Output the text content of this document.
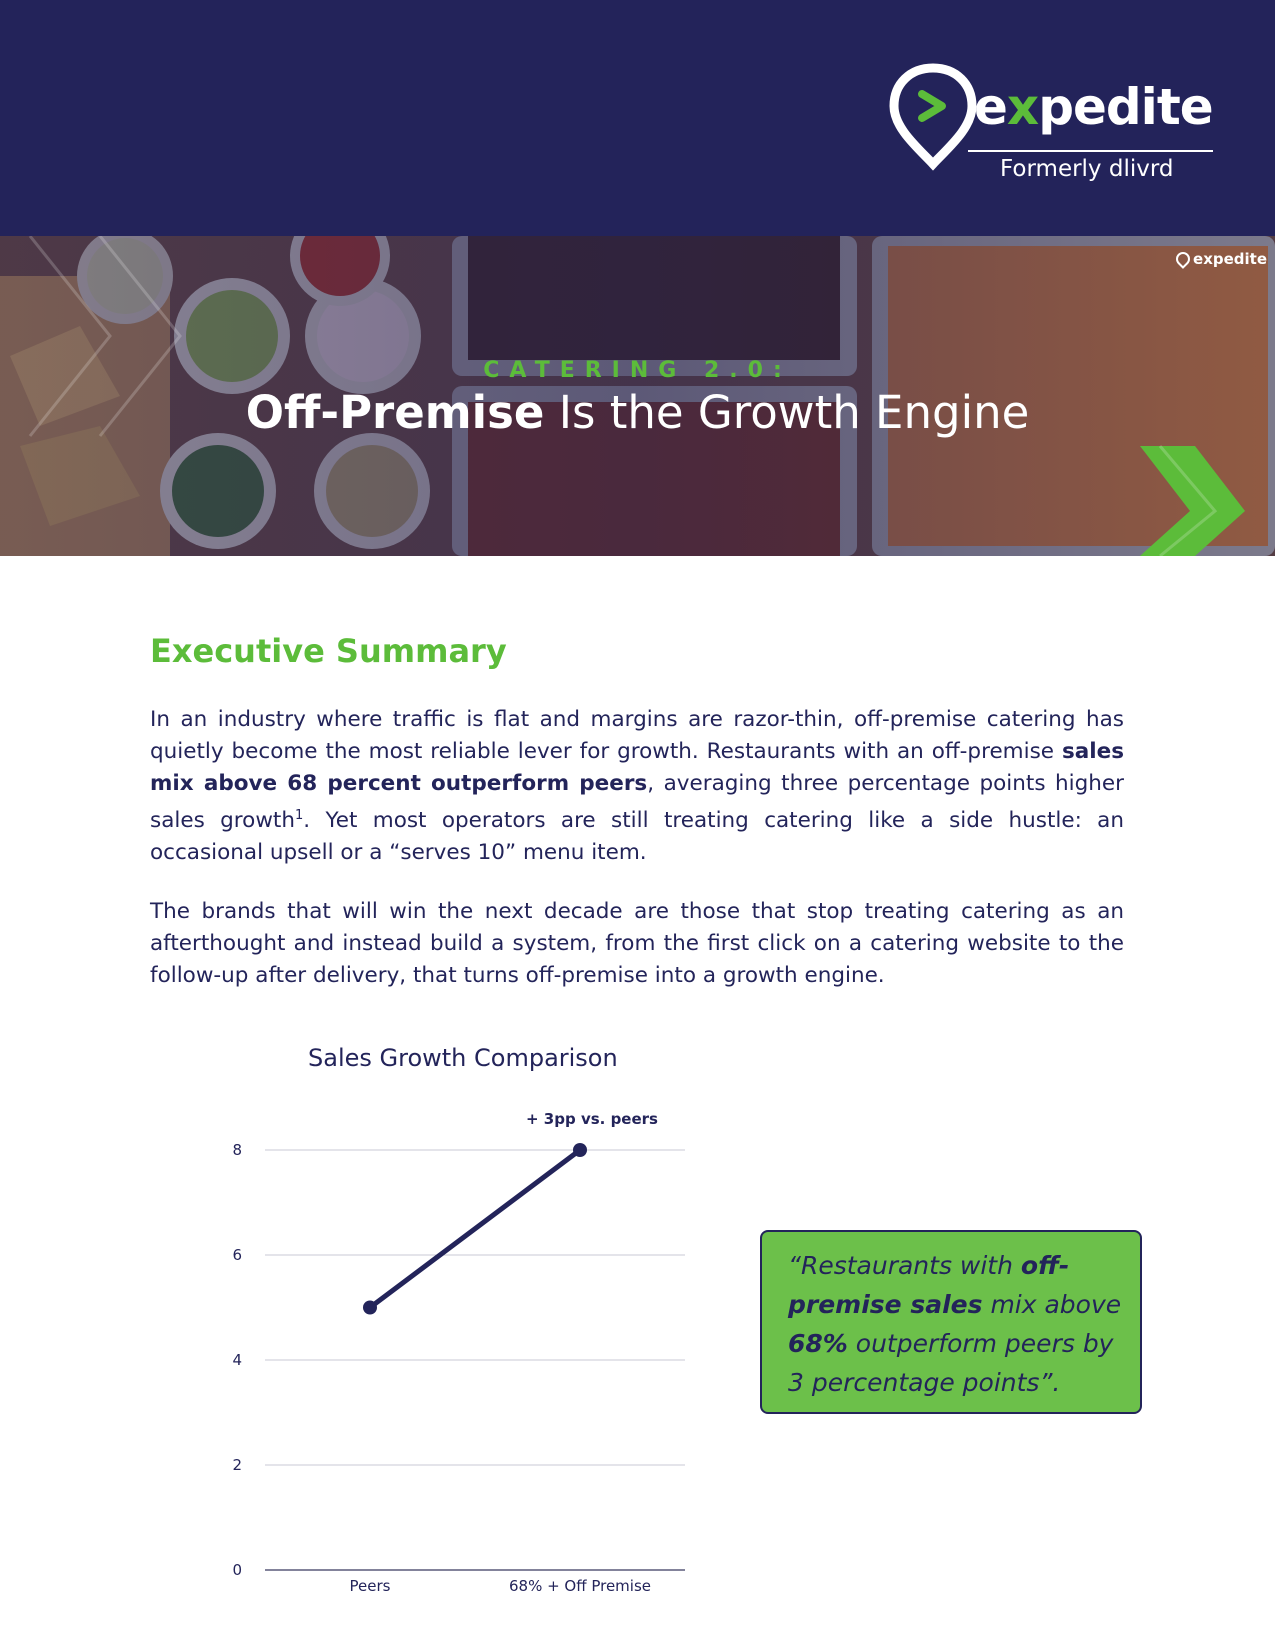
expedite
Formerly dlivrd
expedite
CATERING 2.0:
Off-Premise Is the Growth Engine
Executive Summary

In an industry where traffic is flat and margins are razor-thin, off-premise catering has quietly become the most reliable lever for growth. Restaurants with an off-premise sales mix above 68 percent outperform peers, averaging three percentage points higher sales growth$^1$. Yet most operators are still treating catering like a side hustle: an occasional upsell or a “serves 10” menu item.

The brands that will win the next decade are those that stop treating catering as an afterthought and instead build a system, from the first click on a catering website to the follow-up after delivery, that turns off-premise into a growth engine.

Sales Growth Comparison
0
2
4
6
8
Peers	68% + Off Premise
+ 3pp vs. peers

“Restaurants with off-premise sales mix above 68% outperform peers by 3 percentage points”.
